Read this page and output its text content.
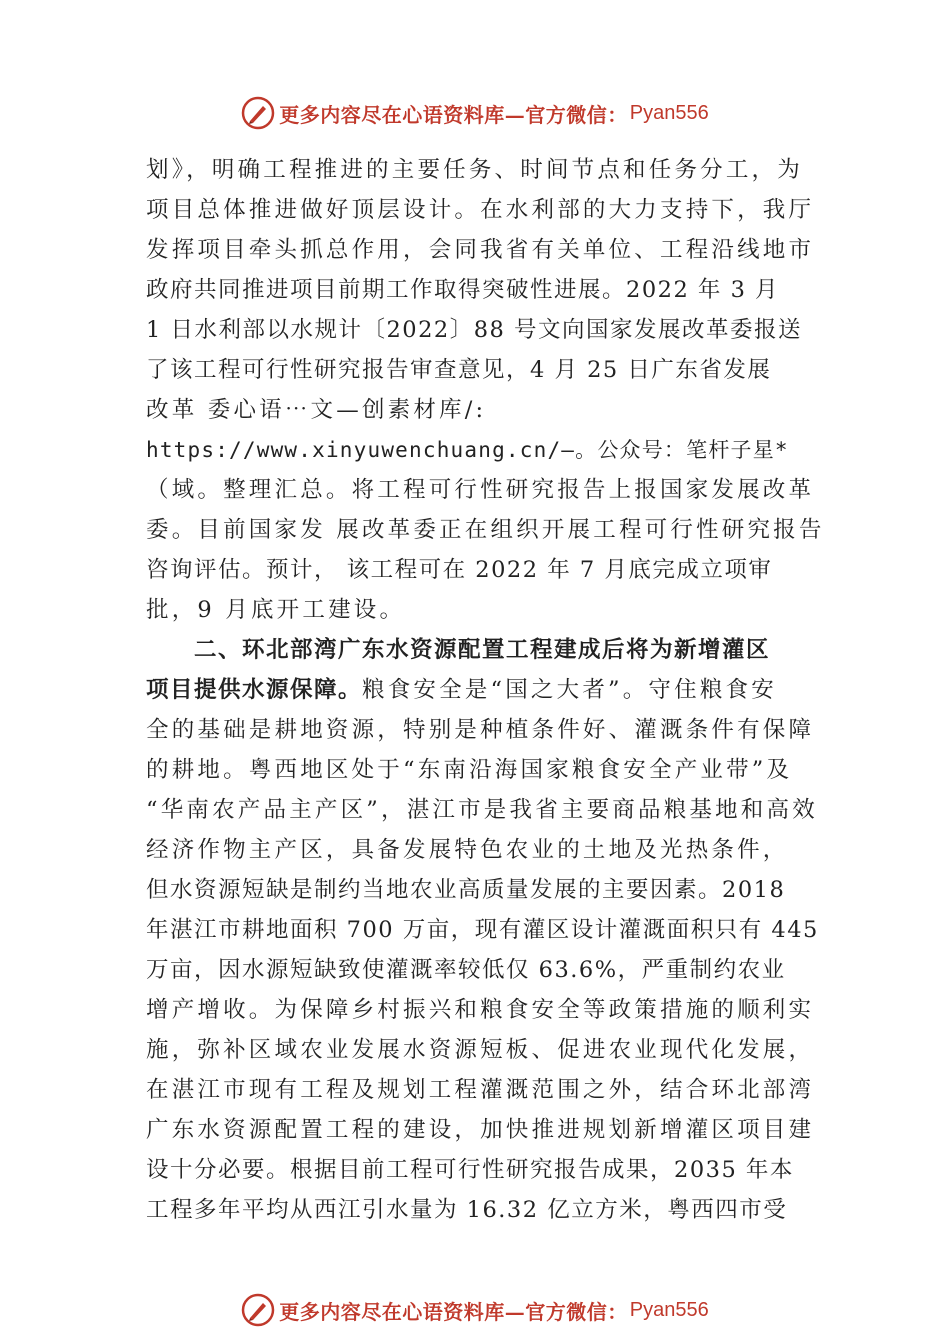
更多内容尽在心语资料库—官方微信： Pyan556
划》，明确工程推进的主要任务、时间节点和任务分工，为
项目总体推进做好顶层设计。在水利部的大力支持下，我厅
发挥项目牵头抓总作用，会同我省有关单位、工程沿线地市
政府共同推进项目前期工作取得突破性进展。2022 年 3 月
1 日水利部以水规计〔2022〕88 号文向国家发展改革委报送
了该工程可行性研究报告审查意见，4 月 25 日广东省发展
改革 委心语⋯文—创素材库/:
https://www.xinyuwenchuang.cn/—。公众号：笔杆子星*
（域。整理汇总。将工程可行性研究报告上报国家发展改革
委。目前国家发 展改革委正在组织开展工程可行性研究报告
咨询评估。预计， 该工程可在 2022 年 7 月底完成立项审
批，9 月底开工建设。
二、环北部湾广东水资源配置工程建成后将为新增灌区
项目提供水源保障。粮食安全是“国之大者”。守住粮食安
全的基础是耕地资源，特别是种植条件好、灌溉条件有保障
的耕地。粤西地区处于“东南沿海国家粮食安全产业带”及
“华南农产品主产区”，湛江市是我省主要商品粮基地和高效
经济作物主产区，具备发展特色农业的土地及光热条件，
但水资源短缺是制约当地农业高质量发展的主要因素。2018
年湛江市耕地面积 700 万亩，现有灌区设计灌溉面积只有 445
万亩，因水源短缺致使灌溉率较低仅 63.6%，严重制约农业
增产增收。为保障乡村振兴和粮食安全等政策措施的顺利实
施，弥补区域农业发展水资源短板、促进农业现代化发展，
在湛江市现有工程及规划工程灌溉范围之外，结合环北部湾
广东水资源配置工程的建设，加快推进规划新增灌区项目建
设十分必要。根据目前工程可行性研究报告成果，2035 年本
工程多年平均从西江引水量为 16.32 亿立方米，粤西四市受
更多内容尽在心语资料库—官方微信： Pyan556
